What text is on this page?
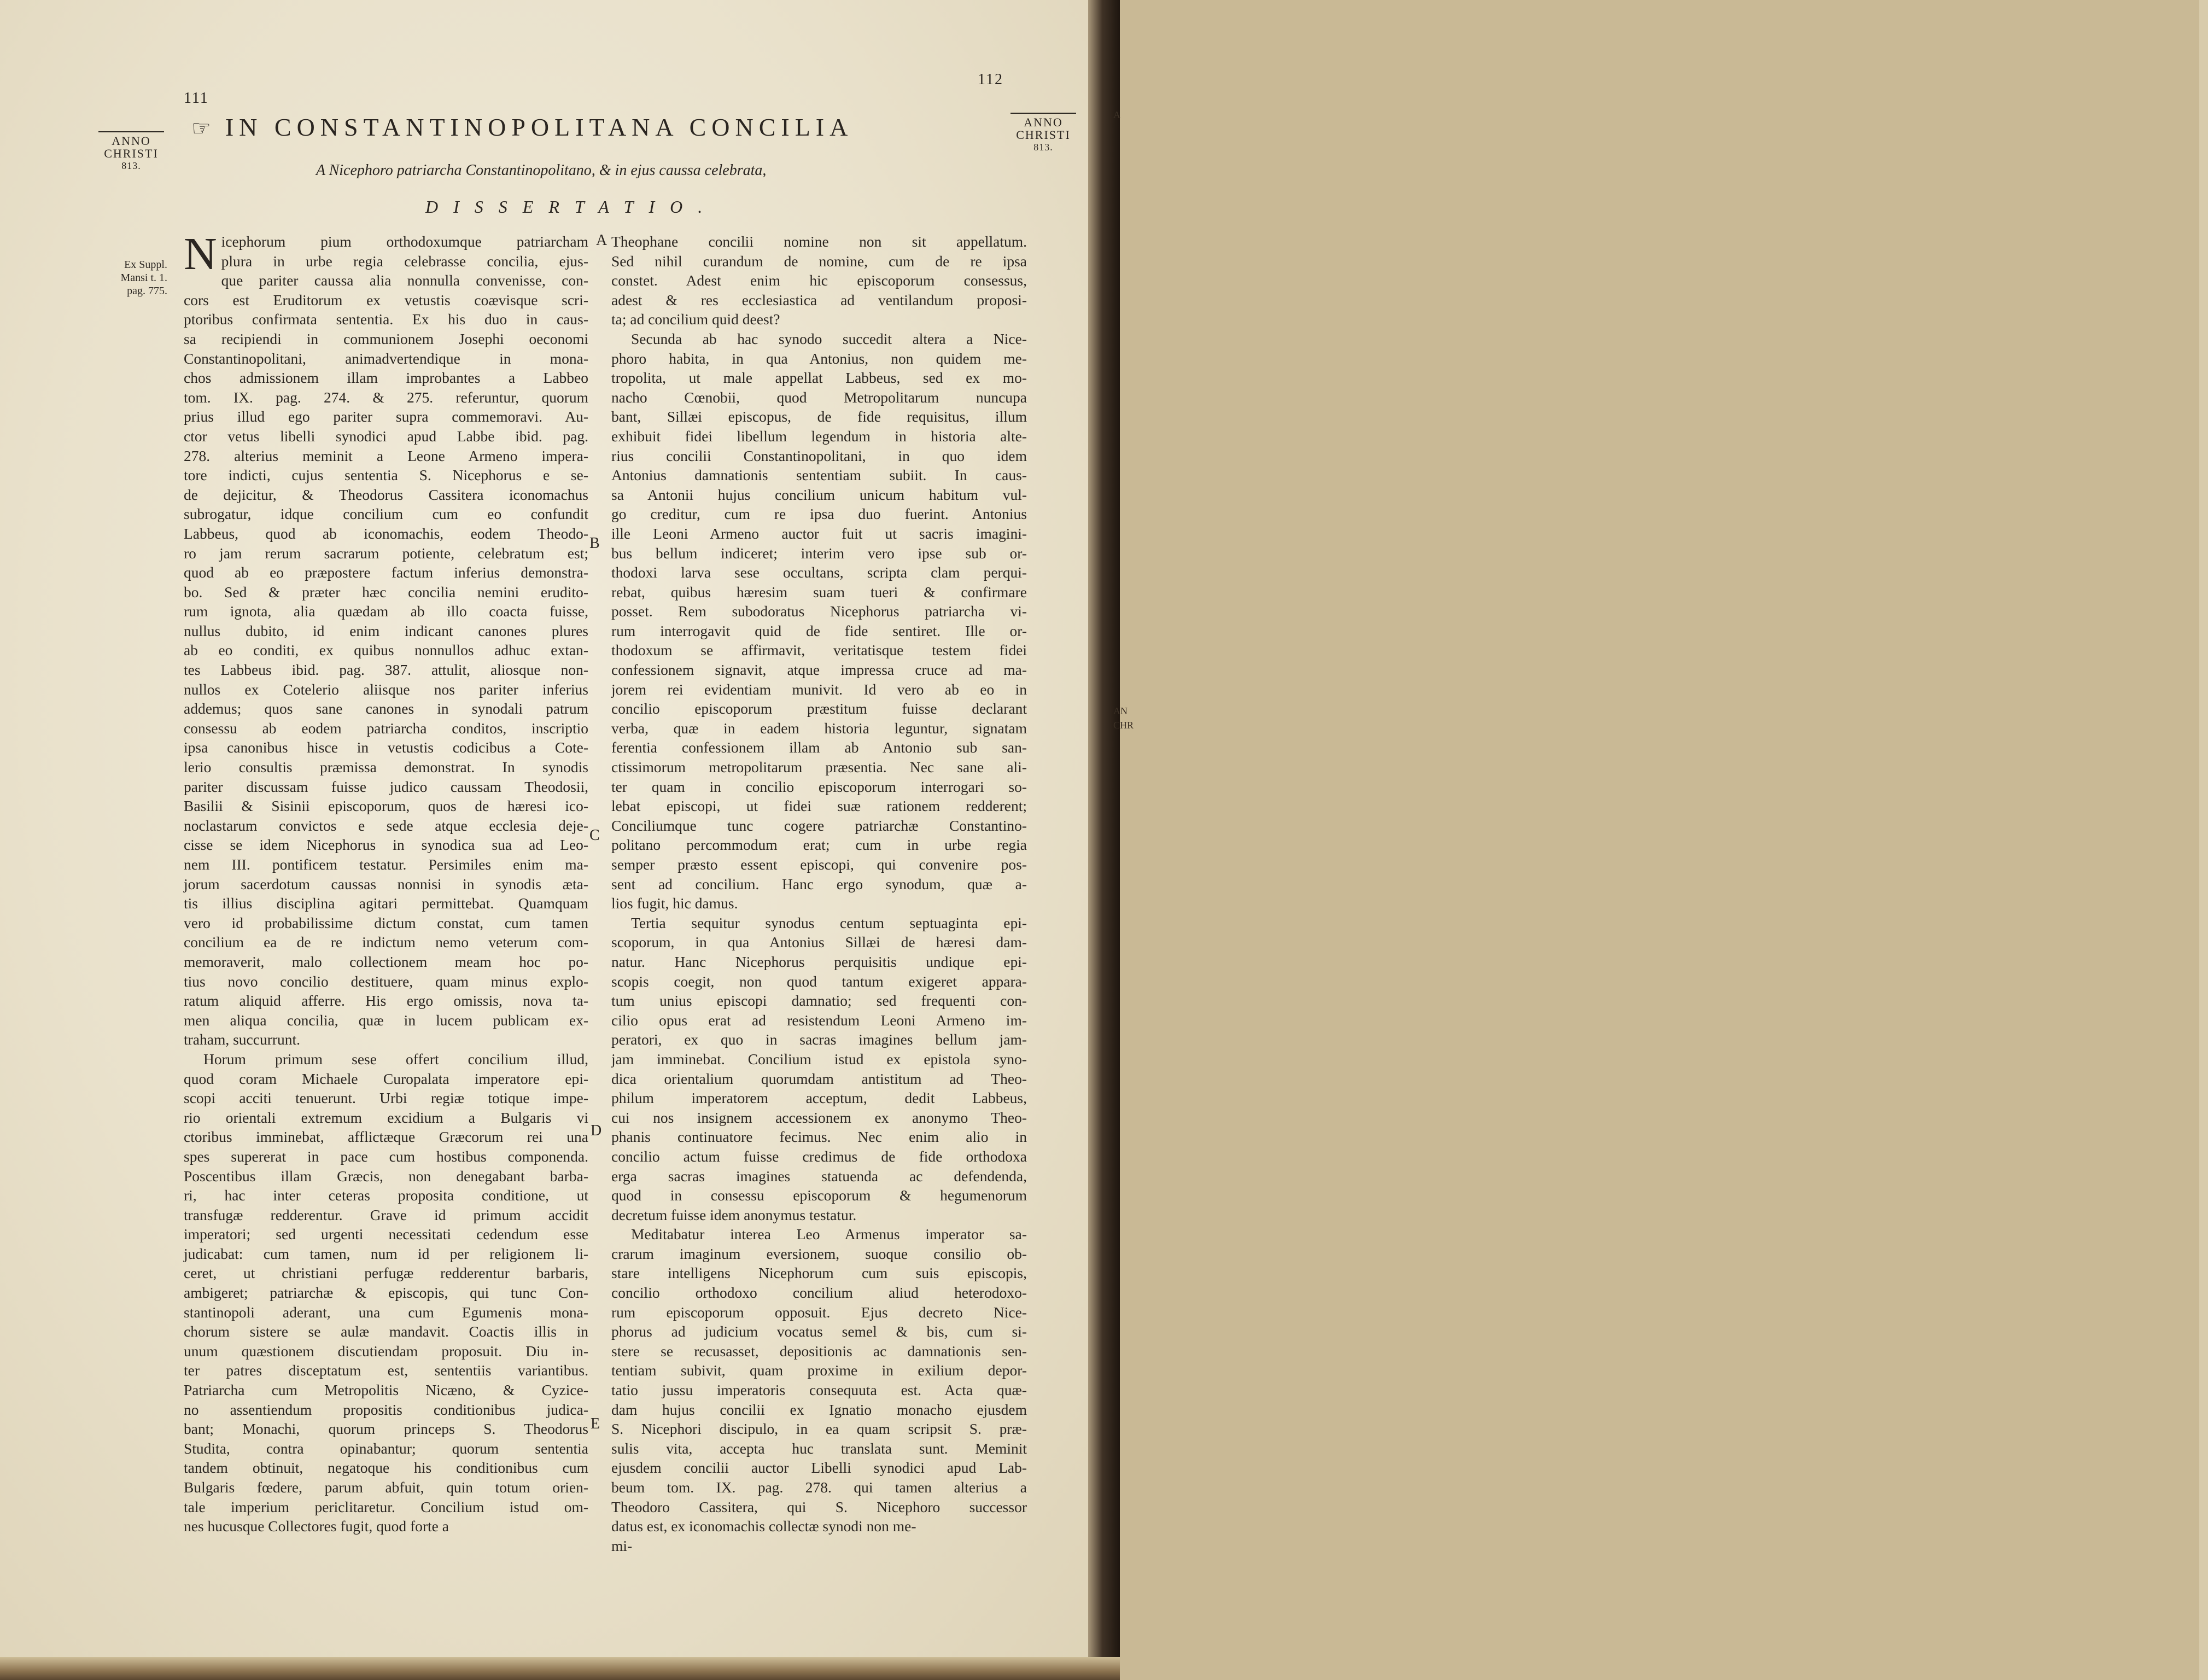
111
112
ANNO
CHRISTI
813.
ANNO
CHRISTI
813.
☞ IN CONSTANTINOPOLITANA CONCILIA
A Nicephoro patriarcha Constantinopolitano, & in ejus caussa celebrata,
DISSERTATIO.
Ex Suppl.
Mansi t. 1.
pag. 775.
N icephorum pium orthodoxumque patriarcham
plura in urbe regia celebrasse concilia, ejus-
que pariter caussa alia nonnulla convenisse, con-
cors est Eruditorum ex vetustis coævisque scri-
ptoribus confirmata sententia. Ex his duo in caus-
sa recipiendi in communionem Josephi oeconomi
Constantinopolitani, animadvertendique in mona-
chos admissionem illam improbantes a Labbeo
tom. IX. pag. 274. & 275. referuntur, quorum
prius illud ego pariter supra commemoravi. Au-
ctor vetus libelli synodici apud Labbe ibid. pag.
278. alterius meminit a Leone Armeno impera-
tore indicti, cujus sententia S. Nicephorus e se-
de dejicitur, & Theodorus Cassitera iconomachus
subrogatur, idque concilium cum eo confundit
Labbeus, quod ab iconomachis, eodem Theodo-
ro jam rerum sacrarum potiente, celebratum est;
quod ab eo præpostere factum inferius demonstra-
bo. Sed & præter hæc concilia nemini erudito-
rum ignota, alia quædam ab illo coacta fuisse,
nullus dubito, id enim indicant canones plures
ab eo conditi, ex quibus nonnullos adhuc extan-
tes Labbeus ibid. pag. 387. attulit, aliosque non-
nullos ex Cotelerio aliisque nos pariter inferius
addemus; quos sane canones in synodali patrum
consessu ab eodem patriarcha conditos, inscriptio
ipsa canonibus hisce in vetustis codicibus a Cote-
lerio consultis præmissa demonstrat. In synodis
pariter discussam fuisse judico caussam Theodosii,
Basilii & Sisinii episcoporum, quos de hæresi ico-
noclastarum convictos e sede atque ecclesia deje-
cisse se idem Nicephorus in synodica sua ad Leo-
nem III. pontificem testatur. Persimiles enim ma-
jorum sacerdotum caussas nonnisi in synodis æta-
tis illius disciplina agitari permittebat. Quamquam
vero id probabilissime dictum constat, cum tamen
concilium ea de re indictum nemo veterum com-
memoraverit, malo collectionem meam hoc po-
tius novo concilio destituere, quam minus explo-
ratum aliquid afferre. His ergo omissis, nova ta-
men aliqua concilia, quæ in lucem publicam ex-
traham, succurrunt.
Horum primum sese offert concilium illud,
quod coram Michaele Curopalata imperatore epi-
scopi acciti tenuerunt. Urbi regiæ totique impe-
rio orientali extremum excidium a Bulgaris vi
ctoribus imminebat, afflictæque Græcorum rei una
spes supererat in pace cum hostibus componenda.
Poscentibus illam Græcis, non denegabant barba-
ri, hac inter ceteras proposita conditione, ut
transfugæ redderentur. Grave id primum accidit
imperatori; sed urgenti necessitati cedendum esse
judicabat: cum tamen, num id per religionem li-
ceret, ut christiani perfugæ redderentur barbaris,
ambigeret; patriarchæ & episcopis, qui tunc Con-
stantinopoli aderant, una cum Egumenis mona-
chorum sistere se aulæ mandavit. Coactis illis in
unum quæstionem discutiendam proposuit. Diu in-
ter patres disceptatum est, sententiis variantibus.
Patriarcha cum Metropolitis Nicæno, & Cyzice-
no assentiendum propositis conditionibus judica-
bant; Monachi, quorum princeps S. Theodorus
Studita, contra opinabantur; quorum sententia
tandem obtinuit, negatoque his conditionibus cum
Bulgaris fœdere, parum abfuit, quin totum orien-
tale imperium periclitaretur. Concilium istud om-
nes hucusque Collectores fugit, quod forte a
Theophane concilii nomine non sit appellatum.
Sed nihil curandum de nomine, cum de re ipsa
constet. Adest enim hic episcoporum consessus,
adest & res ecclesiastica ad ventilandum proposi-
ta; ad concilium quid deest?
Secunda ab hac synodo succedit altera a Nice-
phoro habita, in qua Antonius, non quidem me-
tropolita, ut male appellat Labbeus, sed ex mo-
nacho Cœnobii, quod Metropolitarum nuncupa
bant, Sillæi episcopus, de fide requisitus, illum
exhibuit fidei libellum legendum in historia alte-
rius concilii Constantinopolitani, in quo idem
Antonius damnationis sententiam subiit. In caus-
sa Antonii hujus concilium unicum habitum vul-
go creditur, cum re ipsa duo fuerint. Antonius
ille Leoni Armeno auctor fuit ut sacris imagini-
bus bellum indiceret; interim vero ipse sub or-
thodoxi larva sese occultans, scripta clam perqui-
rebat, quibus hæresim suam tueri & confirmare
posset. Rem subodoratus Nicephorus patriarcha vi-
rum interrogavit quid de fide sentiret. Ille or-
thodoxum se affirmavit, veritatisque testem fidei
confessionem signavit, atque impressa cruce ad ma-
jorem rei evidentiam munivit. Id vero ab eo in
concilio episcoporum præstitum fuisse declarant
verba, quæ in eadem historia leguntur, signatam
ferentia confessionem illam ab Antonio sub san-
ctissimorum metropolitarum præsentia. Nec sane ali-
ter quam in concilio episcoporum interrogari so-
lebat episcopi, ut fidei suæ rationem redderent;
Conciliumque tunc cogere patriarchæ Constantino-
politano percommodum erat; cum in urbe regia
semper præsto essent episcopi, qui convenire pos-
sent ad concilium. Hanc ergo synodum, quæ a-
lios fugit, hic damus.
Tertia sequitur synodus centum septuaginta epi-
scoporum, in qua Antonius Sillæi de hæresi dam-
natur. Hanc Nicephorus perquisitis undique epi-
scopis coegit, non quod tantum exigeret appara-
tum unius episcopi damnatio; sed frequenti con-
cilio opus erat ad resistendum Leoni Armeno im-
peratori, ex quo in sacras imagines bellum jam-
jam imminebat. Concilium istud ex epistola syno-
dica orientalium quorumdam antistitum ad Theo-
philum imperatorem acceptum, dedit Labbeus,
cui nos insignem accessionem ex anonymo Theo-
phanis continuatore fecimus. Nec enim alio in
concilio actum fuisse credimus de fide orthodoxa
erga sacras imagines statuenda ac defendenda,
quod in consessu episcoporum & hegumenorum
decretum fuisse idem anonymus testatur.
Meditabatur interea Leo Armenus imperator sa-
crarum imaginum eversionem, suoque consilio ob-
stare intelligens Nicephorum cum suis episcopis,
concilio orthodoxo concilium aliud heterodoxo-
rum episcoporum opposuit. Ejus decreto Nice-
phorus ad judicium vocatus semel & bis, cum si-
stere se recusasset, depositionis ac damnationis sen-
tentiam subivit, quam proxime in exilium depor-
tatio jussu imperatoris consequuta est. Acta quæ-
dam hujus concilii ex Ignatio monacho ejusdem
S. Nicephori discipulo, in ea quam scripsit S. præ-
sulis vita, accepta huc translata sunt. Meminit
ejusdem concilii auctor Libelli synodici apud Lab-
beum tom. IX. pag. 278. qui tamen alterius a
Theodoro Cassitera, qui S. Nicephoro successor
datus est, ex iconomachis collectæ synodi non me-
mi-
A
B
C
D
E
A
AN
CHR
